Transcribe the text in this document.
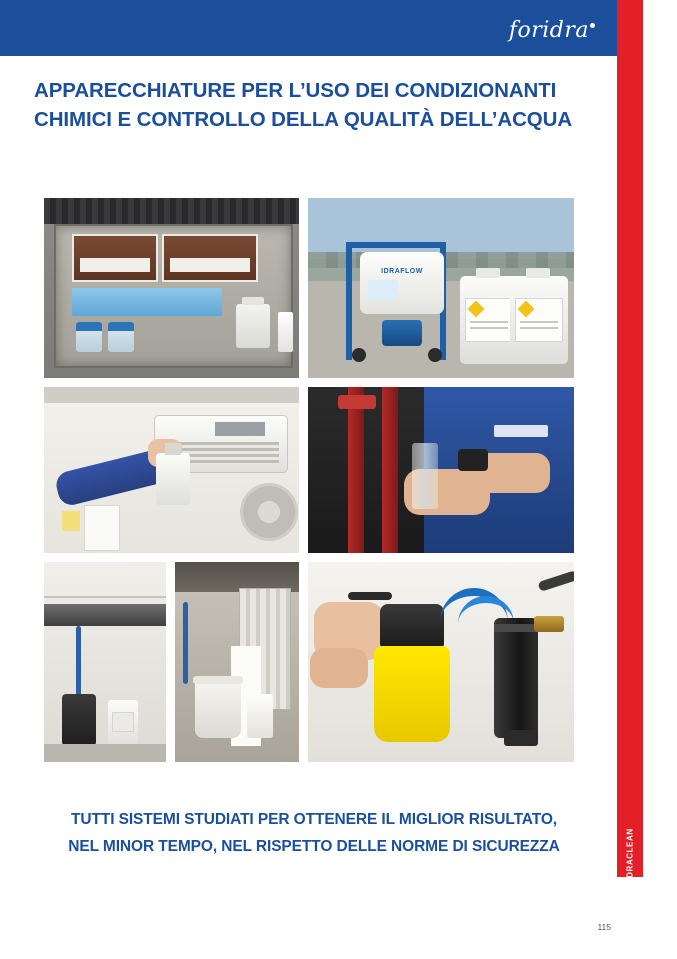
foridra
IDRACLEAN
APPARECCHIATURE PER L’USO DEI CONDIZIONANTI
CHIMICI E CONTROLLO DELLA QUALITÀ DELL’ACQUA
IDRAFLOW
TUTTI SISTEMI STUDIATI PER OTTENERE IL MIGLIOR RISULTATO,
NEL MINOR TEMPO, NEL RISPETTO DELLE NORME DI SICUREZZA
115
